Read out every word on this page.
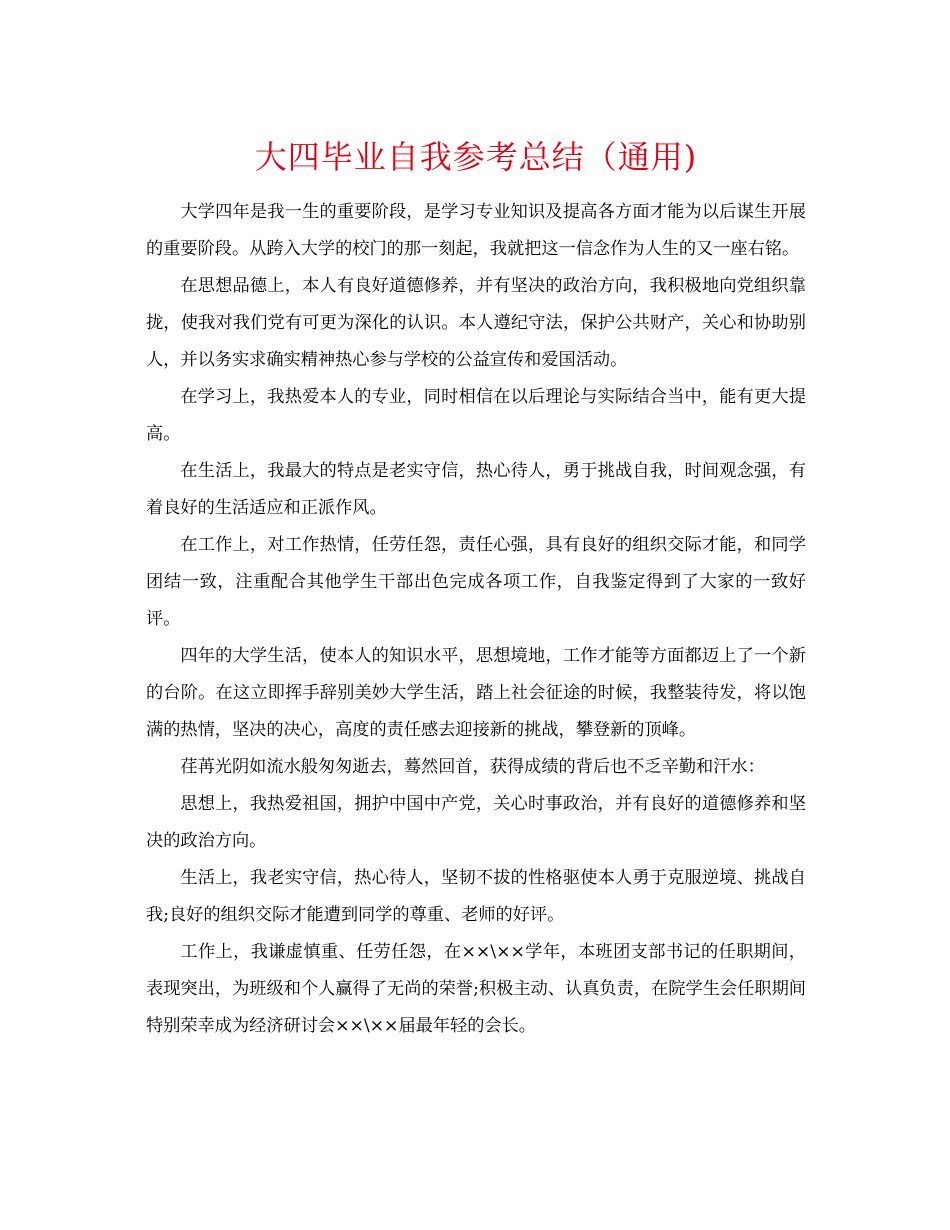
大四毕业自我参考总结（通用)

大学四年是我一生的重要阶段，是学习专业知识及提高各方面才能为以后谋生开展的重要阶段。从跨入大学的校门的那一刻起，我就把这一信念作为人生的又一座右铭。

在思想品德上，本人有良好道德修养，并有坚决的政治方向，我积极地向党组织靠拢，使我对我们党有可更为深化的认识。本人遵纪守法，保护公共财产，关心和协助别人，并以务实求确实精神热心参与学校的公益宣传和爱国活动。

在学习上，我热爱本人的专业，同时相信在以后理论与实际结合当中，能有更大提高。

在生活上，我最大的特点是老实守信，热心待人，勇于挑战自我，时间观念强，有着良好的生活适应和正派作风。

在工作上，对工作热情，任劳任怨，责任心强，具有良好的组织交际才能，和同学团结一致，注重配合其他学生干部出色完成各项工作，自我鉴定得到了大家的一致好评。

四年的大学生活，使本人的知识水平，思想境地，工作才能等方面都迈上了一个新的台阶。在这立即挥手辞别美妙大学生活，踏上社会征途的时候，我整装待发，将以饱满的热情，坚决的决心，高度的责任感去迎接新的挑战，攀登新的顶峰。

荏苒光阴如流水般匆匆逝去，蓦然回首，获得成绩的背后也不乏辛勤和汗水：

思想上，我热爱祖国，拥护中国中产党，关心时事政治，并有良好的道德修养和坚决的政治方向。

生活上，我老实守信，热心待人，坚韧不拔的性格驱使本人勇于克服逆境、挑战自我;良好的组织交际才能遭到同学的尊重、老师的好评。

工作上，我谦虚慎重、任劳任怨，在××\××学年，本班团支部书记的任职期间，表现突出，为班级和个人赢得了无尚的荣誉;积极主动、认真负责，在院学生会任职期间特别荣幸成为经济研讨会××\××届最年轻的会长。
